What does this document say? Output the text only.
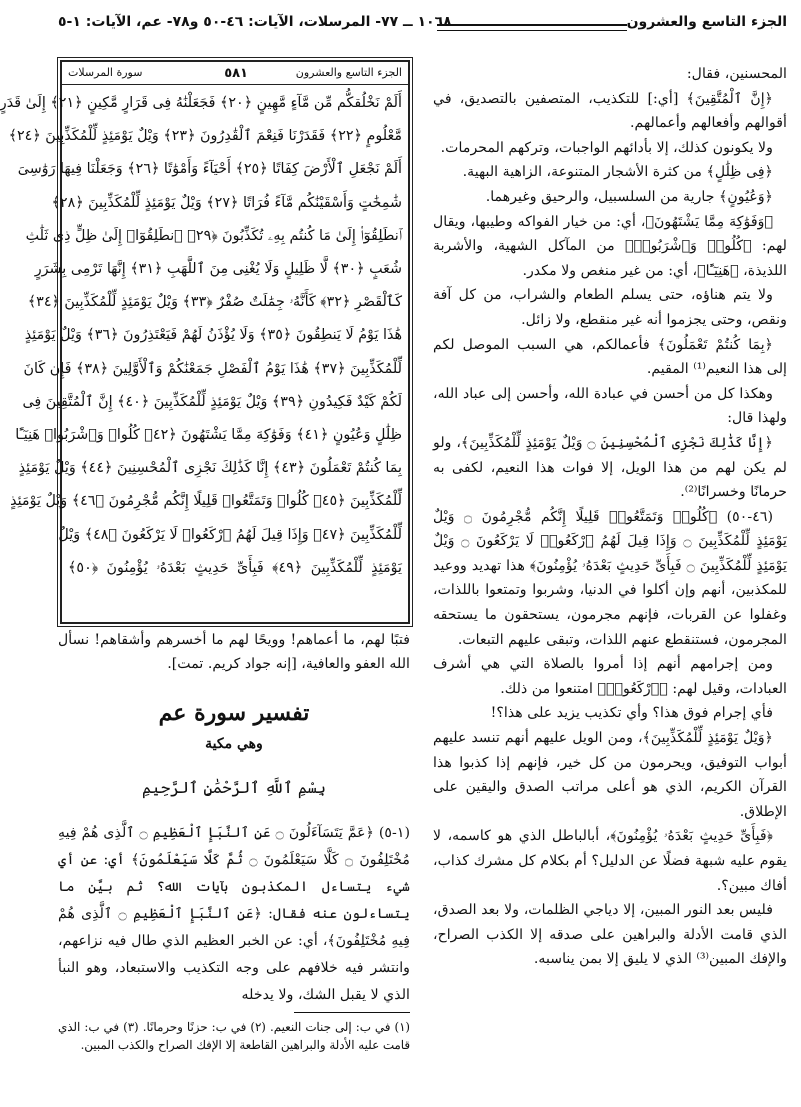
الجزء التاسع والعشرون
١٠٦٨ ــ ٧٧- المرسلات، الآيات: ٤٦-٥٠ و٧٨- عم، الآيات: ١-٥

المحسنين، فقال:

﴿إِنَّ ٱلْمُتَّقِينَ﴾ [أي:] للتكذيب، المتصفين بالتصديق، في أقوالهم وأفعالهم وأعمالهم.

ولا يكونون كذلك، إلا بأدائهم الواجبات، وتركهم المحرمات.

﴿فِى ظِلَٰلٍ﴾ من كثرة الأشجار المتنوعة، الزاهية البهية.

﴿وَعُيُونٍ﴾ جارية من السلسبيل، والرحيق وغيرهما.

﴿وَفَوَٰكِهَ مِمَّا يَشْتَهُونَ﴾، أي: من خيار الفواكه وطيبها، ويقال لهم: ﴿كُلُوا۟ وَٱشْرَبُوا۟﴾ من المآكل الشهية، والأشربة اللذيذة، ﴿هَنِيٓـًٔا﴾، أي: من غير منغص ولا مكدر.

ولا يتم هناؤه، حتى يسلم الطعام والشراب، من كل آفة ونقص، وحتى يجزموا أنه غير منقطع، ولا زائل.

﴿بِمَا كُنتُمْ تَعْمَلُونَ﴾ فأعمالكم، هي السبب الموصل لكم إلى هذا النعيم⁽¹⁾ المقيم.

وهكذا كل من أحسن في عبادة الله، وأحسن إلى عباد الله، ولهذا قال:

﴿إِنَّا كَذَٰلِكَ نَجْزِى ٱلْمُحْسِنِينَ ۝ وَيْلٌ يَوْمَئِذٍ لِّلْمُكَذِّبِينَ﴾، ولو لم يكن لهم من هذا الويل، إلا فوات هذا النعيم، لكفى به حرمانًا وخسرانًا⁽²⁾.

(٤٦-٥٠) ﴿كُلُوا۟ وَتَمَتَّعُوا۟ قَلِيلًا إِنَّكُم مُّجْرِمُونَ ۝ وَيْلٌ يَوْمَئِذٍ لِّلْمُكَذِّبِينَ ۝ وَإِذَا قِيلَ لَهُمُ ٱرْكَعُوا۟ لَا يَرْكَعُونَ ۝ وَيْلٌ يَوْمَئِذٍ لِّلْمُكَذِّبِينَ ۝ فَبِأَىِّ حَدِيثٍ بَعْدَهُۥ يُؤْمِنُونَ﴾ هذا تهديد ووعيد للمكذبين، أنهم وإن أكلوا في الدنيا، وشربوا وتمتعوا باللذات، وغفلوا عن القربات، فإنهم مجرمون، يستحقون ما يستحقه المجرمون، فستنقطع عنهم اللذات، وتبقى عليهم التبعات.

ومن إجرامهم أنهم إذا أمروا بالصلاة التي هي أشرف العبادات، وقيل لهم: ﴿ٱرْكَعُوا۟﴾ امتنعوا من ذلك.

فأي إجرام فوق هذا؟ وأي تكذيب يزيد على هذا؟!

﴿وَيْلٌ يَوْمَئِذٍ لِّلْمُكَذِّبِينَ﴾، ومن الويل عليهم أنهم تنسد عليهم أبواب التوفيق، ويحرمون من كل خير، فإنهم إذا كذبوا هذا القرآن الكريم، الذي هو أعلى مراتب الصدق واليقين على الإطلاق.

﴿فَبِأَىِّ حَدِيثٍ بَعْدَهُۥ يُؤْمِنُونَ﴾، أبالباطل الذي هو كاسمه، لا يقوم عليه شبهة فضلًا عن الدليل؟ أم بكلام كل مشرك كذاب، أفاك مبين؟.

فليس بعد النور المبين، إلا دياجي الظلمات، ولا بعد الصدق، الذي قامت الأدلة والبراهين على صدقه إلا الكذب الصراح، والإفك المبين⁽³⁾ الذي لا يليق إلا بمن يناسبه.

الجزء التاسع والعشرون
٥٨١
سورة المرسلات
أَلَمْ نَخْلُقكُّم مِّن مَّآءٍ مَّهِينٍ ﴿٢٠﴾ فَجَعَلْنَٰهُ فِى قَرَارٍ مَّكِينٍ ﴿٢١﴾ إِلَىٰ قَدَرٍ
مَّعْلُومٍ ﴿٢٢﴾ فَقَدَرْنَا فَنِعْمَ ٱلْقَٰدِرُونَ ﴿٢٣﴾ وَيْلٌ يَوْمَئِذٍ لِّلْمُكَذِّبِينَ ﴿٢٤﴾
أَلَمْ نَجْعَلِ ٱلْأَرْضَ كِفَاتًا ﴿٢٥﴾ أَحْيَآءً وَأَمْوَٰتًا ﴿٢٦﴾ وَجَعَلْنَا فِيهَا رَوَٰسِىَ
شَٰمِخَٰتٍ وَأَسْقَيْنَٰكُم مَّآءً فُرَاتًا ﴿٢٧﴾ وَيْلٌ يَوْمَئِذٍ لِّلْمُكَذِّبِينَ ﴿٢٨﴾
ٱنطَلِقُوٓا۟ إِلَىٰ مَا كُنتُم بِهِۦ تُكَذِّبُونَ ﴿٢٩﴾ ٱنطَلِقُوٓا۟ إِلَىٰ ظِلٍّ ذِى ثَلَٰثِ
شُعَبٍ ﴿٣٠﴾ لَّا ظَلِيلٍ وَلَا يُغْنِى مِنَ ٱللَّهَبِ ﴿٣١﴾ إِنَّهَا تَرْمِى بِشَرَرٍ
كَٱلْقَصْرِ ﴿٣٢﴾ كَأَنَّهُۥ جِمَٰلَتٌ صُفْرٌ ﴿٣٣﴾ وَيْلٌ يَوْمَئِذٍ لِّلْمُكَذِّبِينَ ﴿٣٤﴾
هَٰذَا يَوْمُ لَا يَنطِقُونَ ﴿٣٥﴾ وَلَا يُؤْذَنُ لَهُمْ فَيَعْتَذِرُونَ ﴿٣٦﴾ وَيْلٌ يَوْمَئِذٍ
لِّلْمُكَذِّبِينَ ﴿٣٧﴾ هَٰذَا يَوْمُ ٱلْفَصْلِ جَمَعْنَٰكُمْ وَٱلْأَوَّلِينَ ﴿٣٨﴾ فَإِن كَانَ
لَكُمْ كَيْدٌ فَكِيدُونِ ﴿٣٩﴾ وَيْلٌ يَوْمَئِذٍ لِّلْمُكَذِّبِينَ ﴿٤٠﴾ إِنَّ ٱلْمُتَّقِينَ فِى
ظِلَٰلٍ وَعُيُونٍ ﴿٤١﴾ وَفَوَٰكِهَ مِمَّا يَشْتَهُونَ ﴿٤٢﴾ كُلُوا۟ وَٱشْرَبُوا۟ هَنِيٓـًٔا
بِمَا كُنتُمْ تَعْمَلُونَ ﴿٤٣﴾ إِنَّا كَذَٰلِكَ نَجْزِى ٱلْمُحْسِنِينَ ﴿٤٤﴾ وَيْلٌ يَوْمَئِذٍ
لِّلْمُكَذِّبِينَ ﴿٤٥﴾ كُلُوا۟ وَتَمَتَّعُوا۟ قَلِيلًا إِنَّكُم مُّجْرِمُونَ ﴿٤٦﴾ وَيْلٌ يَوْمَئِذٍ
لِّلْمُكَذِّبِينَ ﴿٤٧﴾ وَإِذَا قِيلَ لَهُمُ ٱرْكَعُوا۟ لَا يَرْكَعُونَ ﴿٤٨﴾ وَيْلٌ
يَوْمَئِذٍ لِّلْمُكَذِّبِينَ ﴿٤٩﴾ فَبِأَىِّ حَدِيثٍ بَعْدَهُۥ يُؤْمِنُونَ ﴿٥٠﴾
فتبًا لهم، ما أعماهم! وويحًا لهم ما أخسرهم وأشقاهم! نسأل الله العفو والعافية، [إنه جواد كريم. تمت].
تفسير سورة عم
وهي مكية
بِسْمِ ٱللَّهِ ٱلرَّحْمَٰنِ ٱلرَّحِيمِ
(١-٥) ﴿عَمَّ يَتَسَآءَلُونَ ۝ عَنِ ٱلنَّبَإِ ٱلْعَظِيمِ ۝ ٱلَّذِى هُمْ فِيهِ مُخْتَلِفُونَ ۝ كَلَّا سَيَعْلَمُونَ ۝ ثُمَّ كَلَّا سَيَعْلَمُونَ﴾ أي: عن أي شيء يتساءل المكذبون بآيات الله؟ ثم بيَّن ما يتساءلون عنه فقال: ﴿عَنِ ٱلنَّبَإِ ٱلْعَظِيمِ ۝ ٱلَّذِى هُمْ فِيهِ مُخْتَلِفُونَ﴾، أي: عن الخبر العظيم الذي طال فيه نزاعهم، وانتشر فيه خلافهم على وجه التكذيب والاستبعاد، وهو النبأ الذي لا يقبل الشك، ولا يدخله
(١) في ب: إلى جنات النعيم. (٢) في ب: حزنًا وحرمانًا. (٣) في ب: الذي قامت عليه الأدلة والبراهين القاطعة إلا الإفك الصراح والكذب المبين.
